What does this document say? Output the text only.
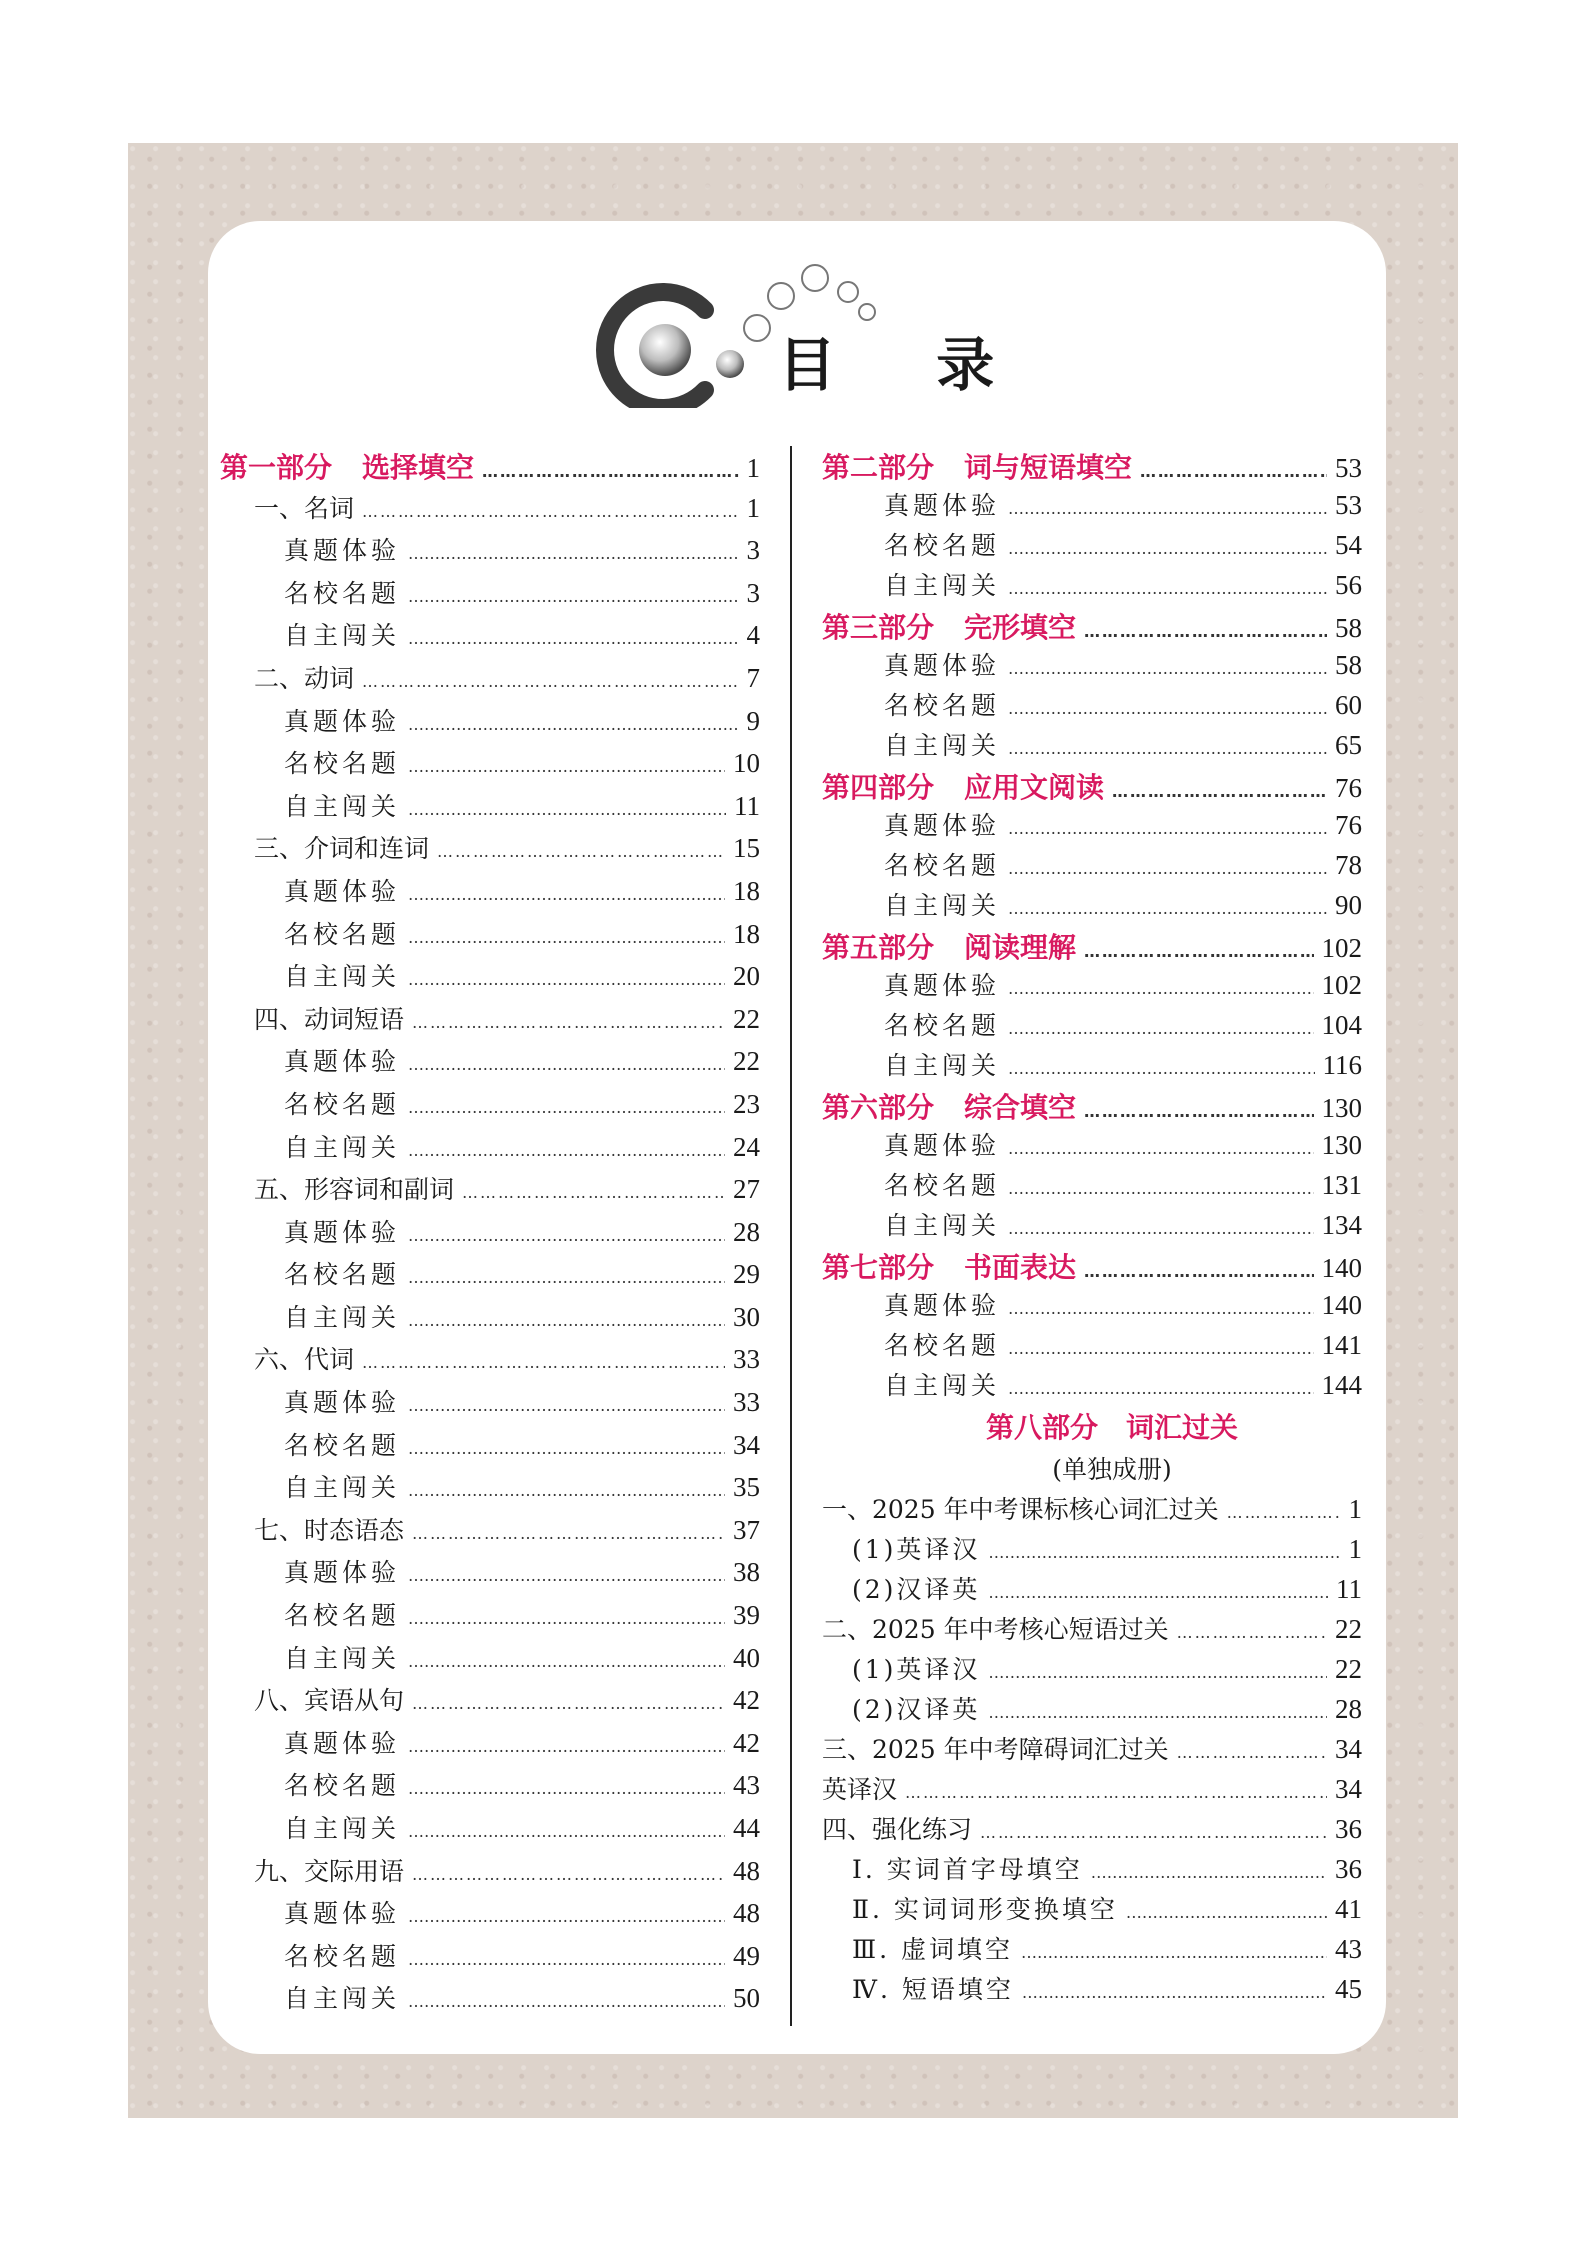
目 录
第一部分 选择填空 …………………………………………………………………………………………………………………………	1
一、名词 …………………………………………………………………………………………………………………………	1
真题体验 …………………………………………………………………………………………………………………………	3
名校名题 …………………………………………………………………………………………………………………………	3
自主闯关 …………………………………………………………………………………………………………………………	4
二、动词 …………………………………………………………………………………………………………………………	7
真题体验 …………………………………………………………………………………………………………………………	9
名校名题 …………………………………………………………………………………………………………………………	10
自主闯关 …………………………………………………………………………………………………………………………	11
三、介词和连词 …………………………………………………………………………………………………………………………	15
真题体验 …………………………………………………………………………………………………………………………	18
名校名题 …………………………………………………………………………………………………………………………	18
自主闯关 …………………………………………………………………………………………………………………………	20
四、动词短语 …………………………………………………………………………………………………………………………	22
真题体验 …………………………………………………………………………………………………………………………	22
名校名题 …………………………………………………………………………………………………………………………	23
自主闯关 …………………………………………………………………………………………………………………………	24
五、形容词和副词 …………………………………………………………………………………………………………………………	27
真题体验 …………………………………………………………………………………………………………………………	28
名校名题 …………………………………………………………………………………………………………………………	29
自主闯关 …………………………………………………………………………………………………………………………	30
六、代词 …………………………………………………………………………………………………………………………	33
真题体验 …………………………………………………………………………………………………………………………	33
名校名题 …………………………………………………………………………………………………………………………	34
自主闯关 …………………………………………………………………………………………………………………………	35
七、时态语态 …………………………………………………………………………………………………………………………	37
真题体验 …………………………………………………………………………………………………………………………	38
名校名题 …………………………………………………………………………………………………………………………	39
自主闯关 …………………………………………………………………………………………………………………………	40
八、宾语从句 …………………………………………………………………………………………………………………………	42
真题体验 …………………………………………………………………………………………………………………………	42
名校名题 …………………………………………………………………………………………………………………………	43
自主闯关 …………………………………………………………………………………………………………………………	44
九、交际用语 …………………………………………………………………………………………………………………………	48
真题体验 …………………………………………………………………………………………………………………………	48
名校名题 …………………………………………………………………………………………………………………………	49
自主闯关 …………………………………………………………………………………………………………………………	50
第二部分 词与短语填空 …………………………………………………………………………………………………………………………	53
真题体验 …………………………………………………………………………………………………………………………	53
名校名题 …………………………………………………………………………………………………………………………	54
自主闯关 …………………………………………………………………………………………………………………………	56
第三部分 完形填空 …………………………………………………………………………………………………………………………	58
真题体验 …………………………………………………………………………………………………………………………	58
名校名题 …………………………………………………………………………………………………………………………	60
自主闯关 …………………………………………………………………………………………………………………………	65
第四部分 应用文阅读 …………………………………………………………………………………………………………………………	76
真题体验 …………………………………………………………………………………………………………………………	76
名校名题 …………………………………………………………………………………………………………………………	78
自主闯关 …………………………………………………………………………………………………………………………	90
第五部分 阅读理解 …………………………………………………………………………………………………………………………	102
真题体验 …………………………………………………………………………………………………………………………	102
名校名题 …………………………………………………………………………………………………………………………	104
自主闯关 …………………………………………………………………………………………………………………………	116
第六部分 综合填空 …………………………………………………………………………………………………………………………	130
真题体验 …………………………………………………………………………………………………………………………	130
名校名题 …………………………………………………………………………………………………………………………	131
自主闯关 …………………………………………………………………………………………………………………………	134
第七部分 书面表达 …………………………………………………………………………………………………………………………	140
真题体验 …………………………………………………………………………………………………………………………	140
名校名题 …………………………………………………………………………………………………………………………	141
自主闯关 …………………………………………………………………………………………………………………………	144
第八部分　词汇过关
(单独成册)
一、2025 年中考课标核心词汇过关 …………………………………………………………………………………………………………………………	1
(1)英译汉 …………………………………………………………………………………………………………………………	1
(2)汉译英 …………………………………………………………………………………………………………………………	11
二、2025 年中考核心短语过关 …………………………………………………………………………………………………………………………	22
(1)英译汉 …………………………………………………………………………………………………………………………	22
(2)汉译英 …………………………………………………………………………………………………………………………	28
三、2025 年中考障碍词汇过关 …………………………………………………………………………………………………………………………	34
英译汉 …………………………………………………………………………………………………………………………	34
四、强化练习 …………………………………………………………………………………………………………………………	36
Ⅰ. 实词首字母填空 …………………………………………………………………………………………………………………………	36
Ⅱ. 实词词形变换填空 …………………………………………………………………………………………………………………………	41
Ⅲ. 虚词填空 …………………………………………………………………………………………………………………………	43
Ⅳ. 短语填空 …………………………………………………………………………………………………………………………	45
